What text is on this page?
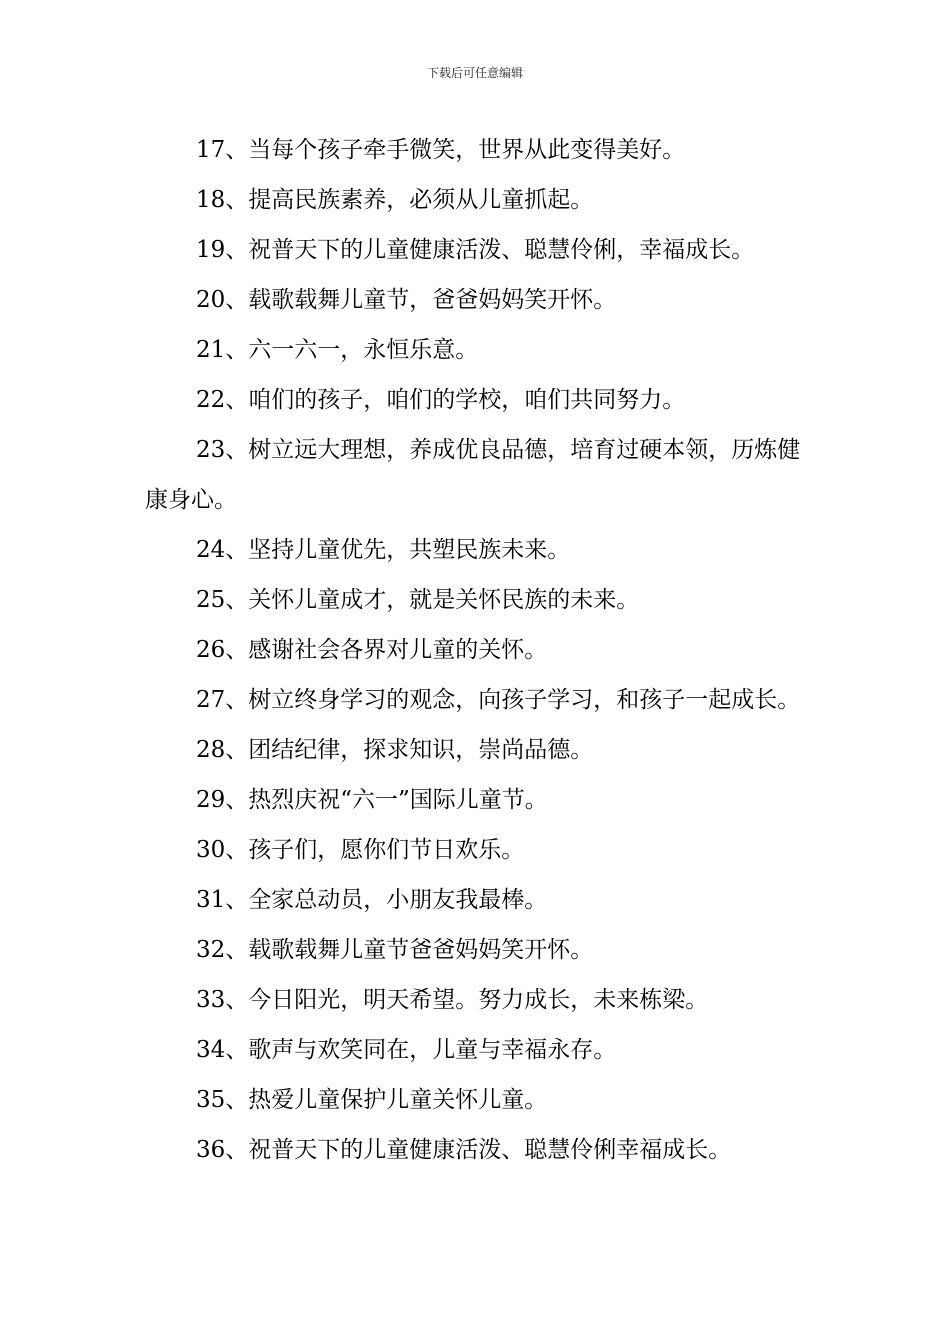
下载后可任意编辑

17、当每个孩子牵手微笑，世界从此变得美好。

18、提高民族素养，必须从儿童抓起。

19、祝普天下的儿童健康活泼、聪慧伶俐，幸福成长。

20、载歌载舞儿童节，爸爸妈妈笑开怀。

21、六一六一，永恒乐意。

22、咱们的孩子，咱们的学校，咱们共同努力。

23、树立远大理想，养成优良品德，培育过硬本领，历炼健康身心。

24、坚持儿童优先，共塑民族未来。

25、关怀儿童成才，就是关怀民族的未来。

26、感谢社会各界对儿童的关怀。

27、树立终身学习的观念，向孩子学习，和孩子一起成长。

28、团结纪律，探求知识，崇尚品德。

29、热烈庆祝“六一”国际儿童节。

30、孩子们，愿你们节日欢乐。

31、全家总动员，小朋友我最棒。

32、载歌载舞儿童节爸爸妈妈笑开怀。

33、今日阳光，明天希望。努力成长，未来栋梁。

34、歌声与欢笑同在，儿童与幸福永存。

35、热爱儿童保护儿童关怀儿童。

36、祝普天下的儿童健康活泼、聪慧伶俐幸福成长。
